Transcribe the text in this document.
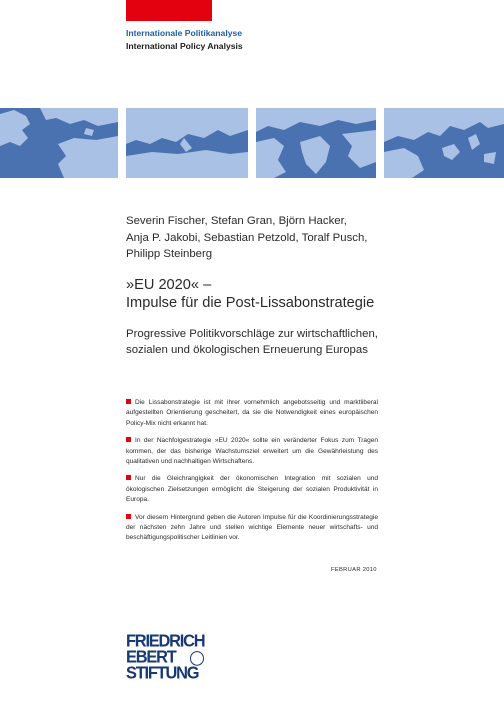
Internationale Politikanalyse
International Policy Analysis
Severin Fischer, Stefan Gran, Björn Hacker,
Anja P. Jakobi, Sebastian Petzold, Toralf Pusch,
Philipp Steinberg
»EU 2020« –
Impulse für die Post-Lissabonstrategie
Progressive Politikvorschläge zur wirtschaftlichen,
sozialen und ökologischen Erneuerung Europas
Die Lissabonstrategie ist mit ihrer vornehmlich angebotsseitig und marktliberal aufgestellten Orientierung gescheitert, da sie die Notwendigkeit eines europäischen Policy-Mix nicht erkannt hat.
In der Nachfolgestrategie »EU 2020« sollte ein veränderter Fokus zum Tragen kommen, der das bisherige Wachstumsziel erweitert um die Gewährleistung des qualitativen und nachhaltigen Wirtschaftens.
Nur die Gleichrangigkeit der ökonomischen Integration mit sozialen und ökologischen Zielsetzungen ermöglicht die Steigerung der sozialen Produktivität in Europa.
Vor diesem Hintergrund geben die Autoren Impulse für die Koordinierungsstrategie der nächsten zehn Jahre und stellen wichtige Elemente neuer wirtschafts- und beschäftigungspolitischer Leitlinien vor.
FEBRUAR 2010
FRIEDRICH
EBERT
STIFTUNG
